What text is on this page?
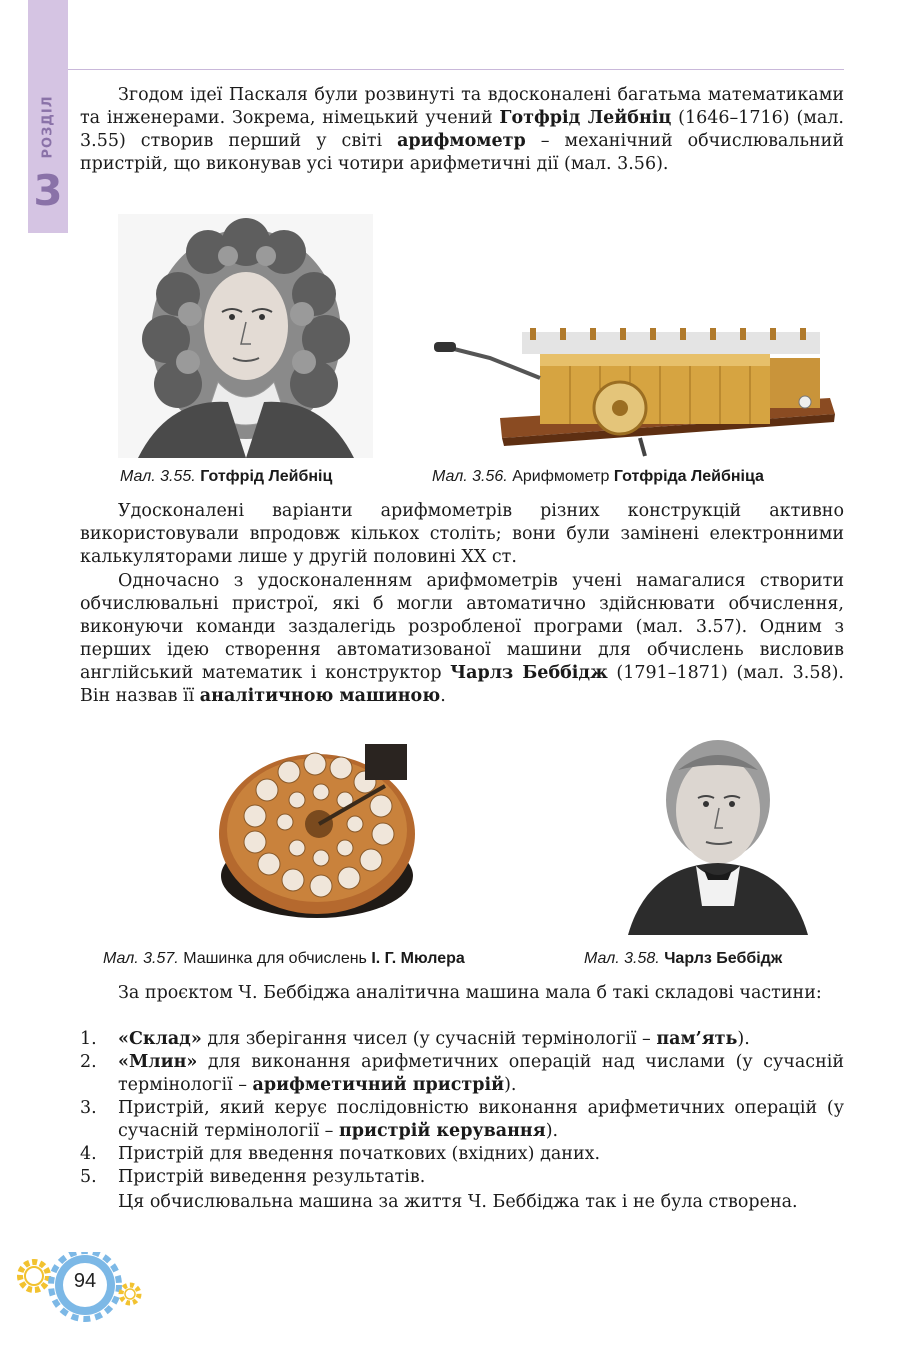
РОЗДІЛ
3

Згодом ідеї Паскаля були розвинуті та вдосконалені багатьма математиками та інженерами. Зокрема, німецький учений Готфрід Лейбніц (1646–1716) (мал. 3.55) створив перший у світі арифмометр – механічний обчислювальний пристрій, що виконував усі чотири арифметичні дії (мал. 3.56).

Мал. 3.55. Готфрід Лейбніц	Мал. 3.56. Арифмометр Готфріда Лейбніца

Удосконалені варіанти арифмометрів різних конструкцій активно використовували впродовж кількох століть; вони були замінені електронними калькуляторами лише у другій половині XX ст.

Одночасно з удосконаленням арифмометрів учені намагалися створити обчислювальні пристрої, які б могли автоматично здійснювати обчислення, виконуючи команди заздалегідь розробленої програми (мал. 3.57). Одним з перших ідею створення автоматизованої машини для обчислень висловив англійський математик і конструктор Чарлз Беббідж (1791–1871) (мал. 3.58). Він назвав її аналітичною машиною.

Мал. 3.57. Машинка для обчислень І. Г. Мюлера	Мал. 3.58. Чарлз Беббідж

За проєктом Ч. Беббіджа аналітична машина мала б такі складові частини:

1. «Склад» для зберігання чисел (у сучасній термінології – пам’ять).
2. «Млин» для виконання арифметичних операцій над числами (у сучасній термінології – арифметичний пристрій).
3. Пристрій, який керує послідовністю виконання арифметичних операцій (у сучасній термінології – пристрій керування).
4. Пристрій для введення початкових (вхідних) даних.
5. Пристрій виведення результатів.

Ця обчислювальна машина за життя Ч. Беббіджа так і не була створена.

94
